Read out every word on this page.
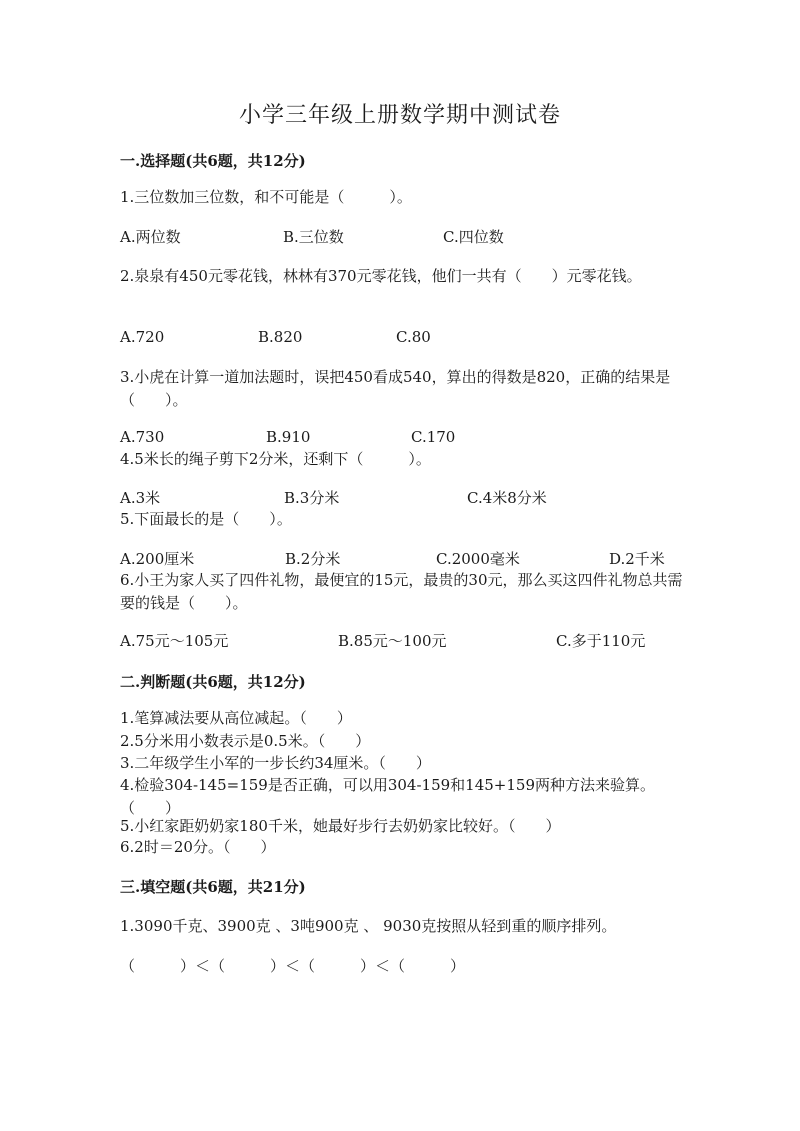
小学三年级上册数学期中测试卷
一.选择题(共6题，共12分)
1.三位数加三位数，和不可能是（　　　）。
A.两位数	B.三位数	C.四位数
2.泉泉有450元零花钱，林林有370元零花钱，他们一共有（　　）元零花钱。
A.720	B.820	C.80
3.小虎在计算一道加法题时，误把450看成540，算出的得数是820，正确的结果是（　　）。
A.730	B.910	C.170
4.5米长的绳子剪下2分米，还剩下（　　　）。
A.3米	B.3分米	C.4米8分米
5.下面最长的是（　　）。
A.200厘米	B.2分米	C.2000毫米	D.2千米
6.小王为家人买了四件礼物，最便宜的15元，最贵的30元，那么买这四件礼物总共需要的钱是（　　）。
A.75元～105元	B.85元～100元	C.多于110元
二.判断题(共6题，共12分)
1.笔算减法要从高位减起。（　　）
2.5分米用小数表示是0.5米。（　　）
3.二年级学生小军的一步长约34厘米。（　　）
4.检验304-145=159是否正确，可以用304-159和145+159两种方法来验算。（　　）
5.小红家距奶奶家180千米，她最好步行去奶奶家比较好。（　　）
6.2时＝20分。（　　）
三.填空题(共6题，共21分)
1.3090千克、3900克 、3吨900克 、 9030克按照从轻到重的顺序排列。
（　　　）＜（　　　）＜（　　　）＜（　　　）
